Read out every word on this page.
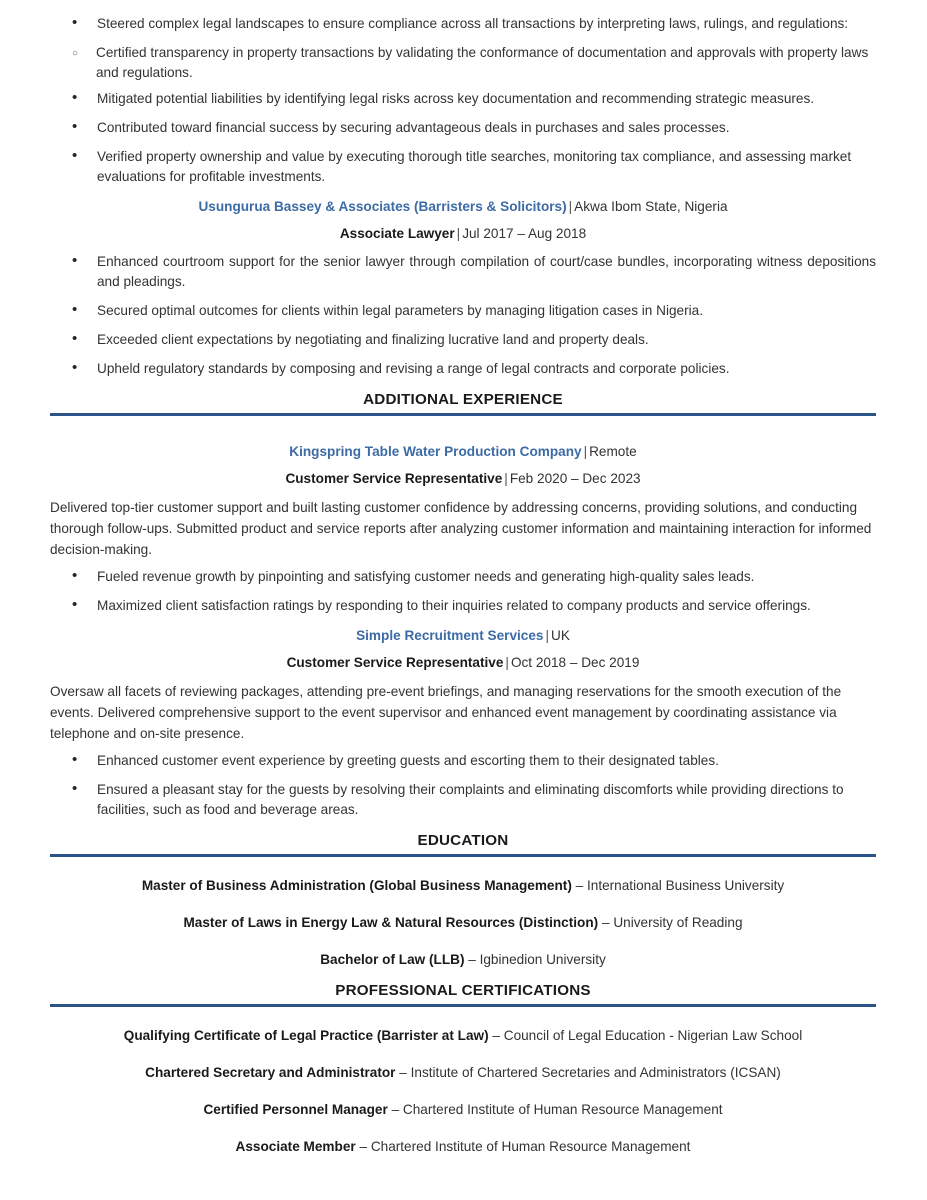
• Steered complex legal landscapes to ensure compliance across all transactions by interpreting laws, rulings, and regulations:
○ Certified transparency in property transactions by validating the conformance of documentation and approvals with property laws and regulations.
• Mitigated potential liabilities by identifying legal risks across key documentation and recommending strategic measures.
• Contributed toward financial success by securing advantageous deals in purchases and sales processes.
• Verified property ownership and value by executing thorough title searches, monitoring tax compliance, and assessing market evaluations for profitable investments.
Usungurua Bassey & Associates (Barristers & Solicitors) | Akwa Ibom State, Nigeria
Associate Lawyer | Jul 2017 – Aug 2018
• Enhanced courtroom support for the senior lawyer through compilation of court/case bundles, incorporating witness depositions and pleadings.
• Secured optimal outcomes for clients within legal parameters by managing litigation cases in Nigeria.
• Exceeded client expectations by negotiating and finalizing lucrative land and property deals.
• Upheld regulatory standards by composing and revising a range of legal contracts and corporate policies.
ADDITIONAL EXPERIENCE
Kingspring Table Water Production Company | Remote
Customer Service Representative | Feb 2020 – Dec 2023

Delivered top-tier customer support and built lasting customer confidence by addressing concerns, providing solutions, and conducting thorough follow-ups. Submitted product and service reports after analyzing customer information and maintaining interaction for informed decision-making.

• Fueled revenue growth by pinpointing and satisfying customer needs and generating high-quality sales leads.
• Maximized client satisfaction ratings by responding to their inquiries related to company products and service offerings.
Simple Recruitment Services | UK
Customer Service Representative | Oct 2018 – Dec 2019

Oversaw all facets of reviewing packages, attending pre-event briefings, and managing reservations for the smooth execution of the events. Delivered comprehensive support to the event supervisor and enhanced event management by coordinating assistance via telephone and on-site presence.

• Enhanced customer event experience by greeting guests and escorting them to their designated tables.
• Ensured a pleasant stay for the guests by resolving their complaints and eliminating discomforts while providing directions to facilities, such as food and beverage areas.
EDUCATION
Master of Business Administration (Global Business Management) – International Business University
Master of Laws in Energy Law & Natural Resources (Distinction) – University of Reading
Bachelor of Law (LLB) – Igbinedion University
PROFESSIONAL CERTIFICATIONS
Qualifying Certificate of Legal Practice (Barrister at Law) – Council of Legal Education - Nigerian Law School
Chartered Secretary and Administrator – Institute of Chartered Secretaries and Administrators (ICSAN)
Certified Personnel Manager – Chartered Institute of Human Resource Management
Associate Member – Chartered Institute of Human Resource Management
